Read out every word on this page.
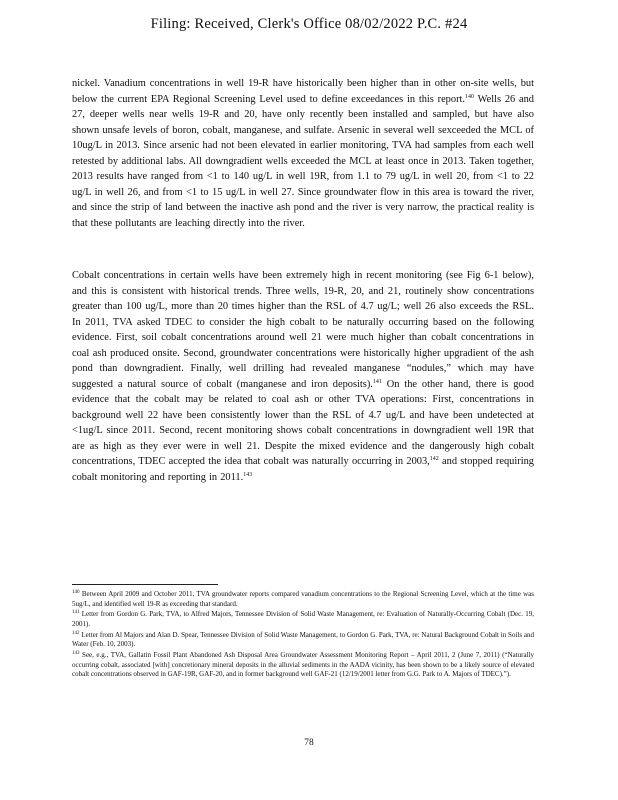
Filing: Received, Clerk's Office 08/02/2022 P.C. #24

nickel. Vanadium concentrations in well 19-R have historically been higher than in other on-site wells, but below the current EPA Regional Screening Level used to define exceedances in this report.$^{140}$ Wells 26 and 27, deeper wells near wells 19-R and 20, have only recently been installed and sampled, but have also shown unsafe levels of boron, cobalt, manganese, and sulfate. Arsenic in several well sexceeded the MCL of 10ug/L in 2013. Since arsenic had not been elevated in earlier monitoring, TVA had samples from each well retested by additional labs. All downgradient wells exceeded the MCL at least once in 2013. Taken together, 2013 results have ranged from <1 to 140 ug/L in well 19R, from 1.1 to 79 ug/L in well 20, from <1 to 22 ug/L in well 26, and from <1 to 15 ug/L in well 27. Since groundwater flow in this area is toward the river, and since the strip of land between the inactive ash pond and the river is very narrow, the practical reality is that these pollutants are leaching directly into the river.

Cobalt concentrations in certain wells have been extremely high in recent monitoring (see Fig 6-1 below), and this is consistent with historical trends. Three wells, 19-R, 20, and 21, routinely show concentrations greater than 100 ug/L, more than 20 times higher than the RSL of 4.7 ug/L; well 26 also exceeds the RSL. In 2011, TVA asked TDEC to consider the high cobalt to be naturally occurring based on the following evidence. First, soil cobalt concentrations around well 21 were much higher than cobalt concentrations in coal ash produced onsite. Second, groundwater concentrations were historically higher upgradient of the ash pond than downgradient. Finally, well drilling had revealed manganese “nodules,” which may have suggested a natural source of cobalt (manganese and iron deposits).$^{141}$ On the other hand, there is good evidence that the cobalt may be related to coal ash or other TVA operations: First, concentrations in background well 22 have been consistently lower than the RSL of 4.7 ug/L and have been undetected at <1ug/L since 2011. Second, recent monitoring shows cobalt concentrations in downgradient well 19R that are as high as they ever were in well 21. Despite the mixed evidence and the dangerously high cobalt concentrations, TDEC accepted the idea that cobalt was naturally occurring in 2003,$^{142}$ and stopped requiring cobalt monitoring and reporting in 2011.$^{143}$

$^{140}$ Between April 2009 and October 2011, TVA groundwater reports compared vanadium concentrations to the Regional Screening Level, which at the time was 5ug/L, and identified well 19-R as exceeding that standard.

$^{141}$ Letter from Gordon G. Park, TVA, to Alfred Majors, Tennessee Division of Solid Waste Management, re: Evaluation of Naturally-Occurring Cobalt (Dec. 19, 2001).

$^{142}$ Letter from Al Majors and Alan D. Spear, Tennessee Division of Solid Waste Management, to Gordon G. Park, TVA, re: Natural Background Cobalt in Soils and Water (Feb. 10, 2003).

$^{143}$ See, e.g., TVA, Gallatin Fossil Plant Abandoned Ash Disposal Area Groundwater Assessment Monitoring Report – April 2011, 2 (June 7, 2011) (“Naturally occurring cobalt, associated [with] concretionary mineral deposits in the alluvial sediments in the AADA vicinity, has been shown to be a likely source of elevated cobalt concentrations observed in GAF-19R, GAF-20, and in former background well GAF-21 (12/19/2001 letter from G.G. Park to A. Majors of TDEC).”).

78
